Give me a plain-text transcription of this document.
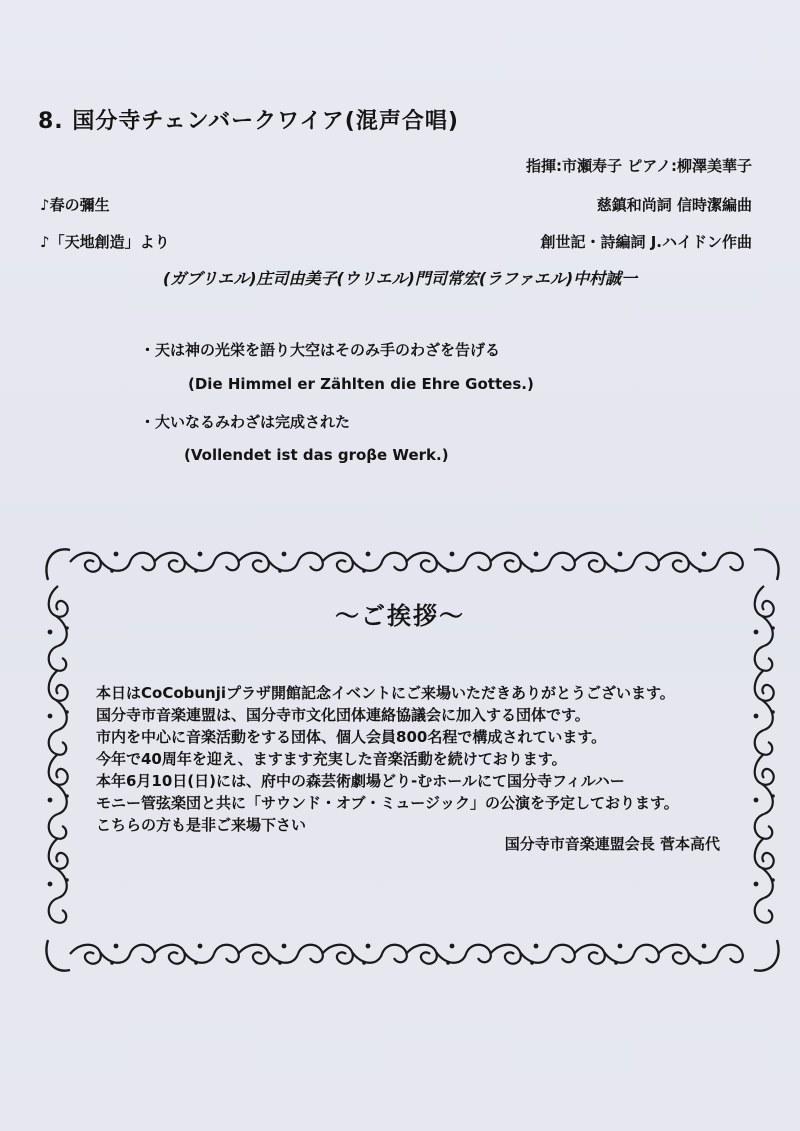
8. 国分寺チェンバークワイア(混声合唱)
指揮:市瀬寿子 ピアノ:柳澤美華子
♪春の彌生	慈鎮和尚詞 信時潔編曲
♪「天地創造」より	創世記・詩編詞 J.ハイドン作曲
(ガブリエル)庄司由美子(ウリエル)門司常宏(ラファエル)中村誠一
・天は神の光栄を語り大空はそのみ手のわざを告げる
(Die Himmel er Zählten die Ehre Gottes.)
・大いなるみわざは完成された
(Vollendet ist das groβe Werk.)
～ご挨拶～
本日はCoCobunjiプラザ開館記念イベントにご来場いただきありがとうございます。
国分寺市音楽連盟は、国分寺市文化団体連絡協議会に加入する団体です。
市内を中心に音楽活動をする団体、個人会員800名程で構成されています。
今年で40周年を迎え、ますます充実した音楽活動を続けております。
本年6月10日(日)には、府中の森芸術劇場どり-むホールにて国分寺フィルハー
モニー管弦楽団と共に「サウンド・オブ・ミュージック」の公演を予定しております。
こちらの方も是非ご来場下さい
国分寺市音楽連盟会長 菅本高代
